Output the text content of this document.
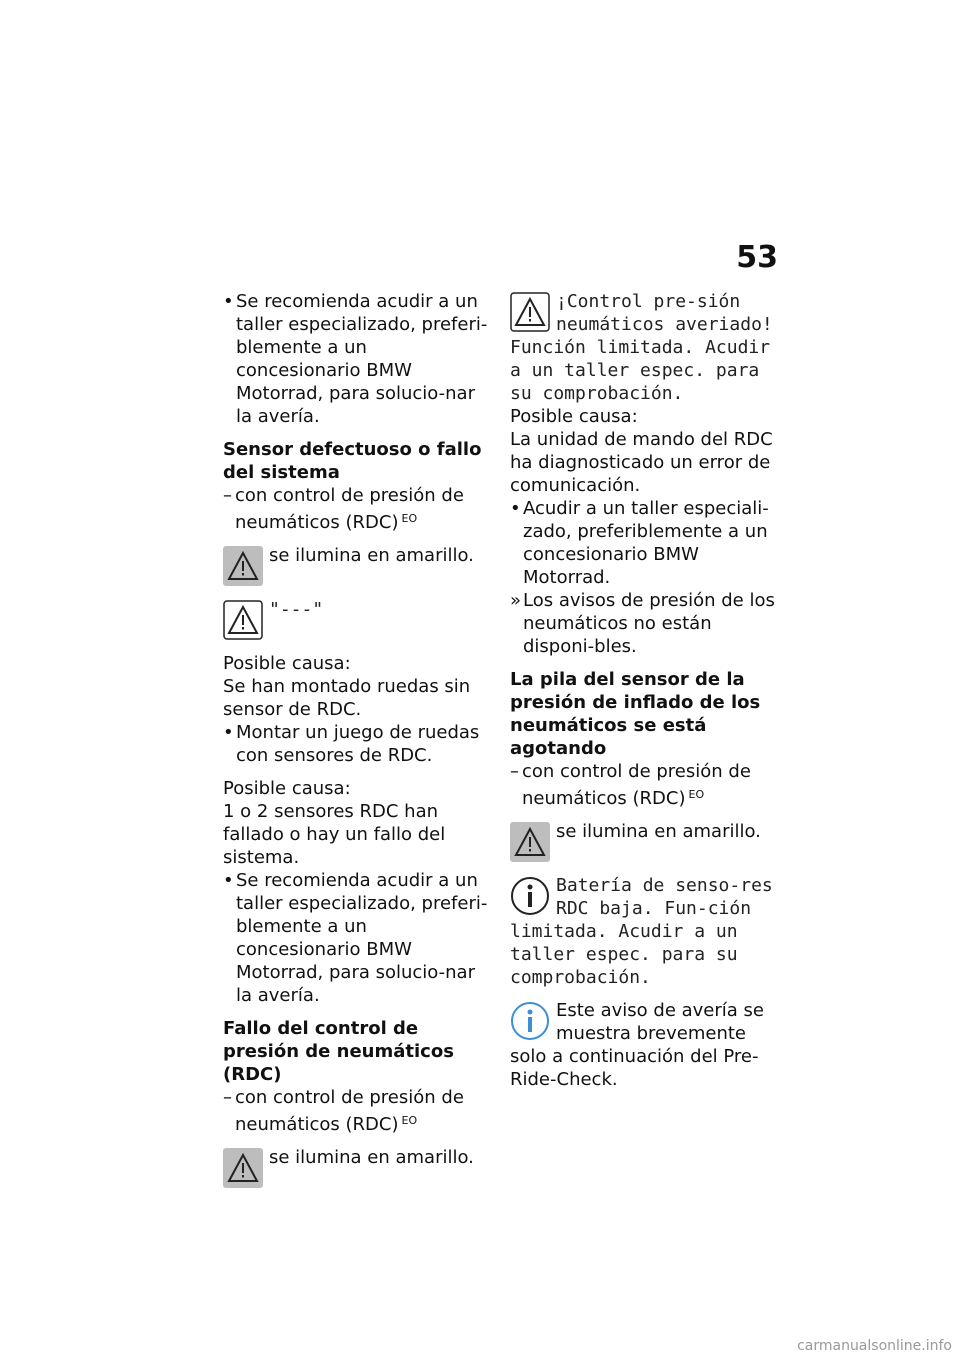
53

• Se recomienda acudir a un taller especializado, preferi-blemente a un concesionario BMW Motorrad, para solucio-nar la avería.

Sensor defectuoso o fallo del sistema

– con control de presión de neumáticos (RDC) $^{EO}$

se ilumina en amarillo.

"---"

Posible causa:

Se han montado ruedas sin sensor de RDC.

• Montar un juego de ruedas con sensores de RDC.

Posible causa:

1 o 2 sensores RDC han fallado o hay un fallo del sistema.

• Se recomienda acudir a un taller especializado, preferi-blemente a un concesionario BMW Motorrad, para solucio-nar la avería.

Fallo del control de presión de neumáticos (RDC)

– con control de presión de neumáticos (RDC) $^{EO}$

se ilumina en amarillo.

¡Control pre-sión neumáticos averiado! Función limitada. Acudir a un taller espec. para su comprobación.

Posible causa:

La unidad de mando del RDC ha diagnosticado un error de comunicación.

• Acudir a un taller especiali-zado, preferiblemente a un concesionario BMW Motorrad.

» Los avisos de presión de los neumáticos no están disponi-bles.

La pila del sensor de la presión de inflado de los neumáticos se está agotando

– con control de presión de neumáticos (RDC) $^{EO}$

se ilumina en amarillo.

Batería de senso-res RDC baja. Fun-ción limitada. Acudir a un taller espec. para su comprobación.

Este aviso de avería se muestra brevemente solo a continuación del Pre-Ride-Check.

carmanualsonline.info
